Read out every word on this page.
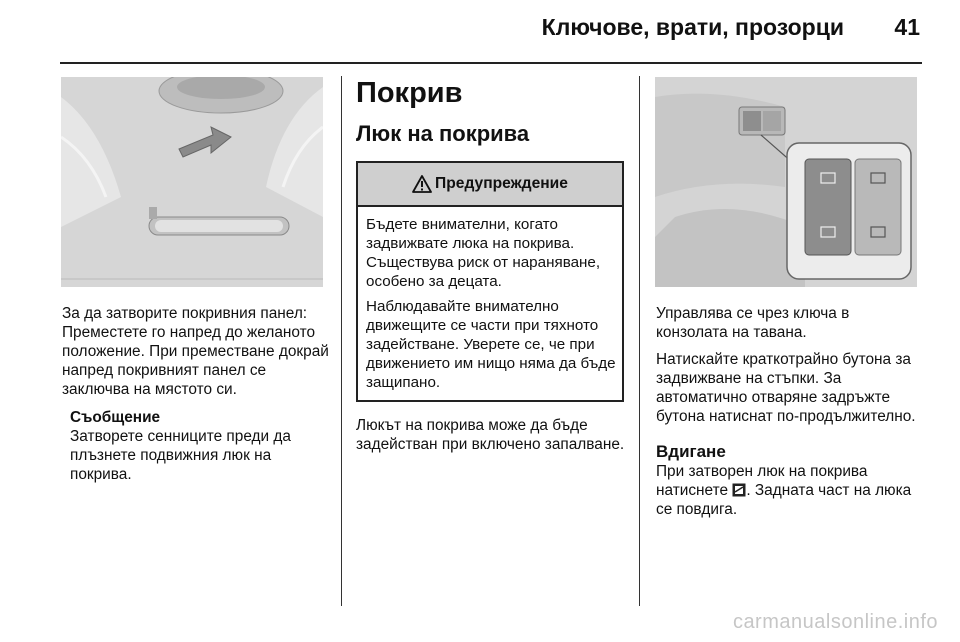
Ключове, врати, прозорци 41

За да затворите покривния панел: Преместете го напред до желаното положение. При преместване докрай напред покривният панел се заключва на мястото си.

Съобщение

Затворете сенниците преди да плъзнете подвижния люк на покрива.

Покрив
Люк на покрива
Предупреждение

Бъдете внимателни, когато задвижвате люка на покрива. Съществува риск от нараняване, особено за децата.

Наблюдавайте внимателно движещите се части при тяхното задействане. Уверете се, че при движението им нищо няма да бъде защипано.

Люкът на покрива може да бъде задействан при включено запалване.

Управлява се чрез ключа в конзолата на тавана.

Натискайте краткотрайно бутона за задвижване на стъпки. За автоматично отваряне задръжте бутона натиснат по-продължително.

Вдигане

При затворен люк на покрива натиснете . Задната част на люка се повдига.

carmanualsonline.info
